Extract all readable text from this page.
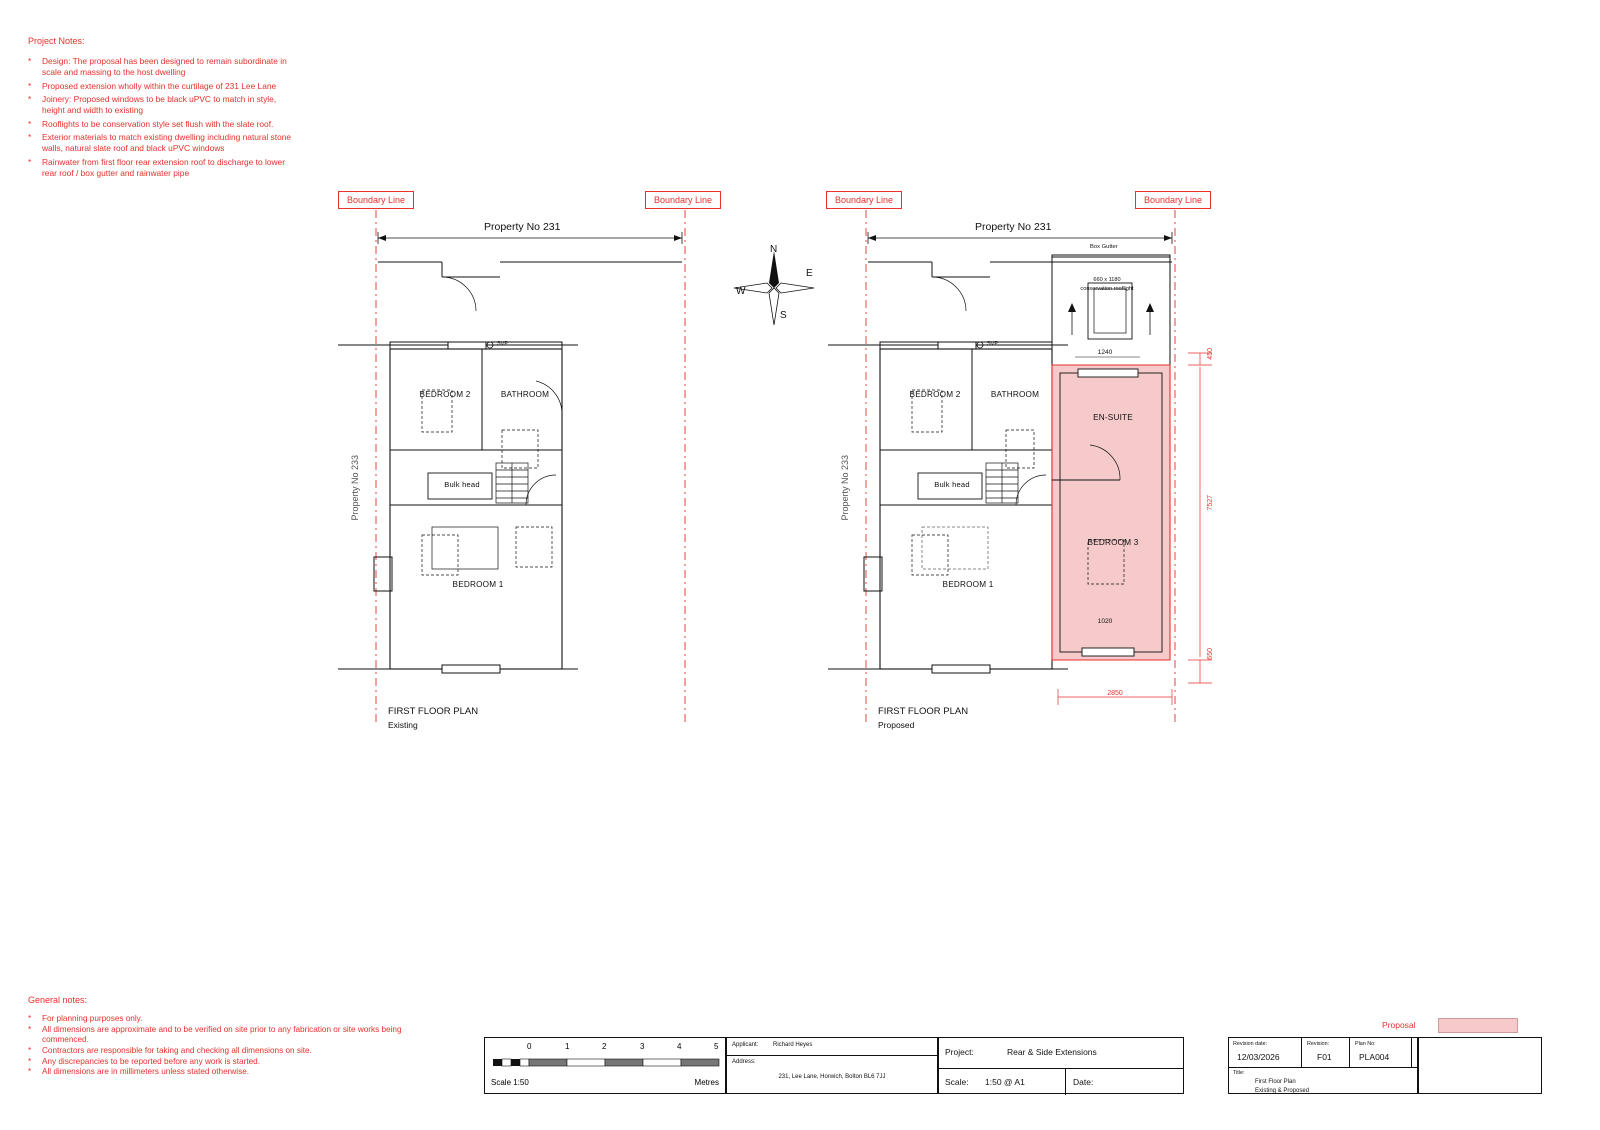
Project Notes:
*	Design: The proposal has been designed to remain subordinate in scale and massing to the host dwelling
*	Proposed extension wholly within the curtilage of 231 Lee Lane
*	Joinery: Proposed windows to be black uPVC to match in style, height and width to existing
*	Rooflights to be conservation style set flush with the slate roof.
*	Exterior materials to match existing dwelling including natural stone walls, natural slate roof and black uPVC windows
*	Rainwater from first floor rear extension roof to discharge to lower rear roof / box gutter and rainwater pipe
Boundary Line	Boundary Line	Boundary Line	Boundary Line
Property No 233
Property No 231
BEDROOM 2	BATHROOM
Bulk head
BEDROOM 1
SVP
FIRST FLOOR PLAN
Existing
N
E
S
W
Property No 233
Property No 231
Box Gutter
660 x 1180
conservation rooflight
BEDROOM 2	BATHROOM
Bulk head
BEDROOM 1
EN-SUITE
BEDROOM 3
SVP
1240
1020
450
7527
650
2850
FIRST FLOOR PLAN
Proposed
General notes:
*	For planning purposes only.
*	All dimensions are approximate and to be verified on site prior to any fabrication or site works being commenced.
*	Contractors are responsible for taking and checking all dimensions on site.
*	Any discrepancies to be reported before any work is started.
*	All dimensions are in millimeters unless stated otherwise.
Proposal
0	1	2	3	4	5
Scale 1:50	Metres
Applicant: Richard Heyes
Address:
231, Lee Lane, Horwich, Bolton BL6 7JJ
Project:	Rear & Side Extensions
Scale: 1:50 @ A1	Date:
Revision date:	Revision:	Plan No:
12/03/2026	F01	PLA004
Title:
First Floor Plan
Existing & Proposed
